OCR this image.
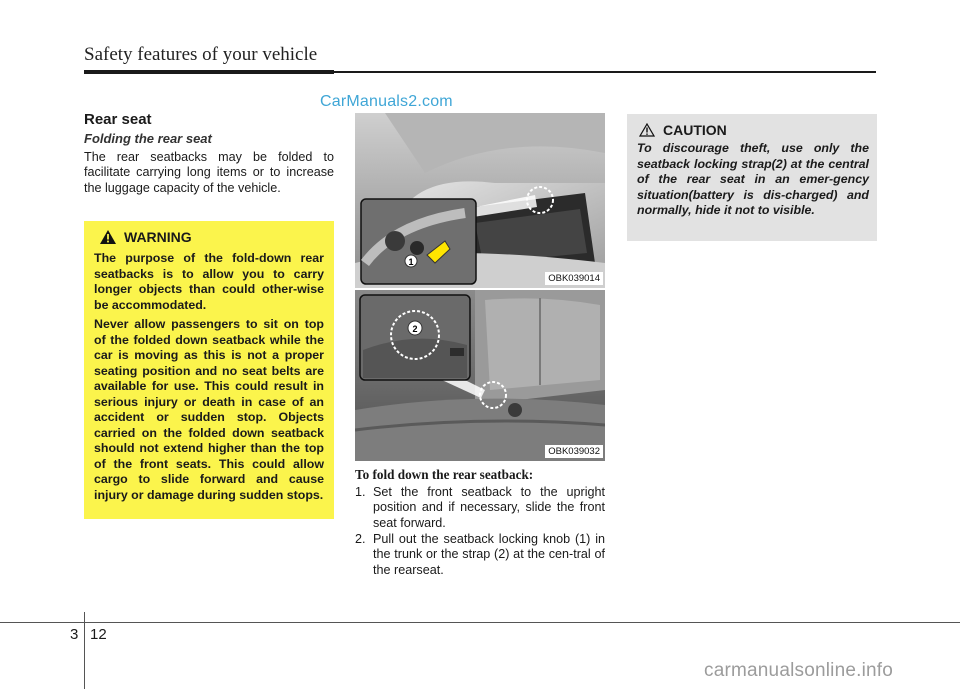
Safety features of your vehicle
CarManuals2.com
Rear seat
Folding the rear seat
The rear seatbacks may be folded to facilitate carrying long items or to increase the luggage capacity of the vehicle.
WARNING

The purpose of the fold-down rear seatbacks is to allow you to carry longer objects than could other-wise be accommodated.

Never allow passengers to sit on top of the folded down seatback while the car is moving as this is not a proper seating position and no seat belts are available for use. This could result in serious injury or death in case of an accident or sudden stop. Objects carried on the folded down seatback should not extend higher than the top of the front seats. This could allow cargo to slide forward and cause injury or damage during sudden stops.

1
OBK039014
2
OBK039032
To fold down the rear seatback:
1. Set the front seatback to the upright position and if necessary, slide the front seat forward.
2. Pull out the seatback locking knob (1) in the trunk or the strap (2) at the cen-tral of the rearseat.
CAUTION
To discourage theft, use only the seatback locking strap(2) at the central of the rear seat in an emer-gency situation(battery is dis-charged) and normally, hide it not to visible.
3 12
carmanualsonline.info
